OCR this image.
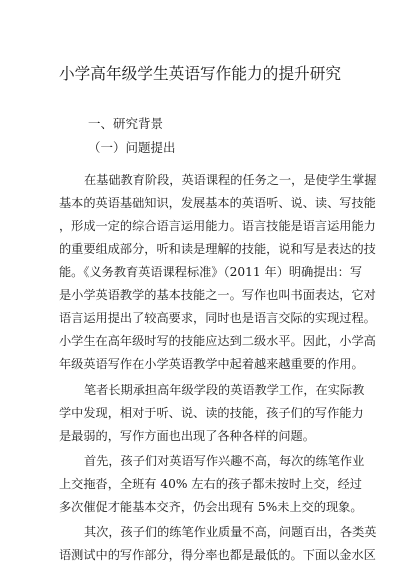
小学高年级学生英语写作能力的提升研究
一、研究背景
（一）问题提出
在基础教育阶段，英语课程的任务之一，是使学生掌握
基本的英语基础知识，发展基本的英语听、说、读、写技能
，形成一定的综合语言运用能力。语言技能是语言运用能力
的重要组成部分，听和读是理解的技能，说和写是表达的技
能。《义务教育英语课程标准》（2011 年）明确提出：写
是小学英语教学的基本技能之一。写作也叫书面表达，它对
语言运用提出了较高要求，同时也是语言交际的实现过程。
小学生在高年级时写的技能应达到二级水平。因此，小学高
年级英语写作在小学英语教学中起着越来越重要的作用。
笔者长期承担高年级学段的英语教学工作，在实际教
学中发现，相对于听、说、读的技能，孩子们的写作能力
是最弱的，写作方面也出现了各种各样的问题。
首先，孩子们对英语写作兴趣不高，每次的练笔作业
上交拖沓，全班有 40% 左右的孩子都未按时上交，经过
多次催促才能基本交齐，仍会出现有 5%未上交的现象。
其次，孩子们的练笔作业质量不高，问题百出，各类英
语测试中的写作部分，得分率也都是最低的。下面以金水区
